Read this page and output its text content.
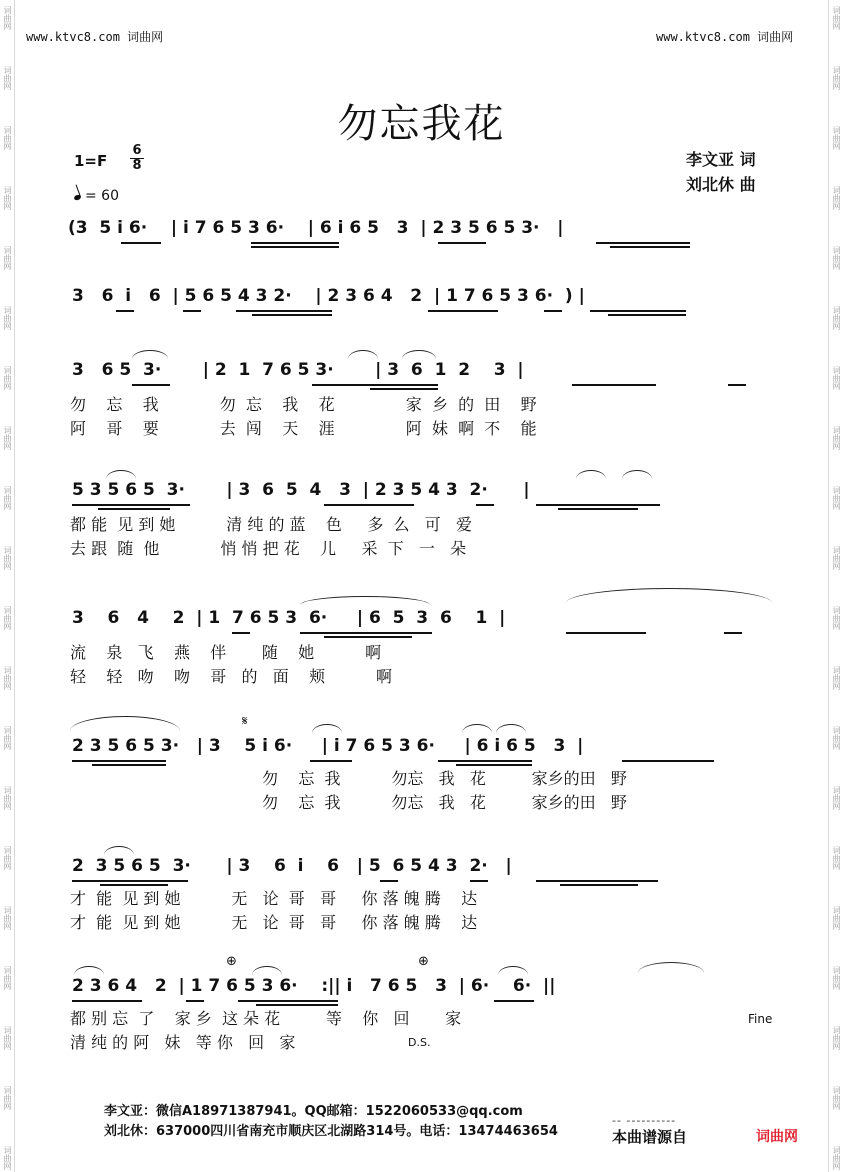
词曲网
词曲网
词曲网
词曲网
词曲网
词曲网
词曲网
词曲网
词曲网
词曲网
词曲网
词曲网
词曲网
词曲网
词曲网
词曲网
词曲网
词曲网
词曲网
词曲网
词曲网
词曲网
词曲网
词曲网
词曲网
词曲网
词曲网
词曲网
词曲网
词曲网
词曲网
词曲网
词曲网
词曲网
词曲网
词曲网
词曲网
词曲网
词曲网
词曲网
www.ktvc8.com 词曲网	www.ktvc8.com 词曲网
勿忘我花
1=F
6
8
= 60
李文亚 词
刘北休 曲
(3  5 i 6·    | i 7 6 5 3 6·    | 6 i 6 5   3  | 2 3 5 6 5 3·   |
3   6  i   6  | 5 6 5 4 3 2·    | 2 3 6 4   2  | 1 7 6 5 3 6·  ) |
3   6 5  3·       | 2  1  7 6 5 3·       | 3  6  1  2    3  |
勿    忘    我            勿  忘    我    花              家  乡  的  田    野
阿    哥    要            去  闯    天    涯              阿  妹  啊  不    能
5 3 5 6 5  3·       | 3  6  5  4   3  | 2 3 5 4 3  2·      |
都 能  见 到 她          清 纯 的 蓝    色     多  么   可   爱
去 跟  随  他            悄 悄 把 花    儿     采  下   一   朵
3    6   4    2  | 1  7 6 5 3  6·     | 6  5  3  6    1  |
流    泉   飞    燕    伴       随    她          啊
轻    轻   吻    吻    哥   的   面    颊          啊
𝄋
2 3 5 6 5 3·   | 3    5 i 6·     | i 7 6 5 3 6·     | 6 i 6 5   3  |
勿    忘  我          勿忘   我   花         家乡的田   野
勿    忘  我          勿忘   我   花         家乡的田   野
2  3 5 6 5  3·      | 3    6  i    6   | 5  6 5 4 3  2·   |
才  能  见 到 她          无   论  哥   哥     你 落 魄 腾    达
才  能  见 到 她          无   论  哥   哥     你 落 魄 腾    达
⊕	⊕
2 3 6 4   2  | 1 7 6 5 3 6·    :|| i   7 6 5   3  | 6·    6·  ||
都 别 忘  了    家 乡  这 朵 花         等    你   回       家
清 纯 的 阿   妹   等 你   回   家
Fine
D.S.
李文亚：微信A18971387941。QQ邮箱：1522060533@qq.com
刘北休：637000四川省南充市顺庆区北湖路314号。电话：13474463654
-- ----------
本曲谱源自	词曲网
